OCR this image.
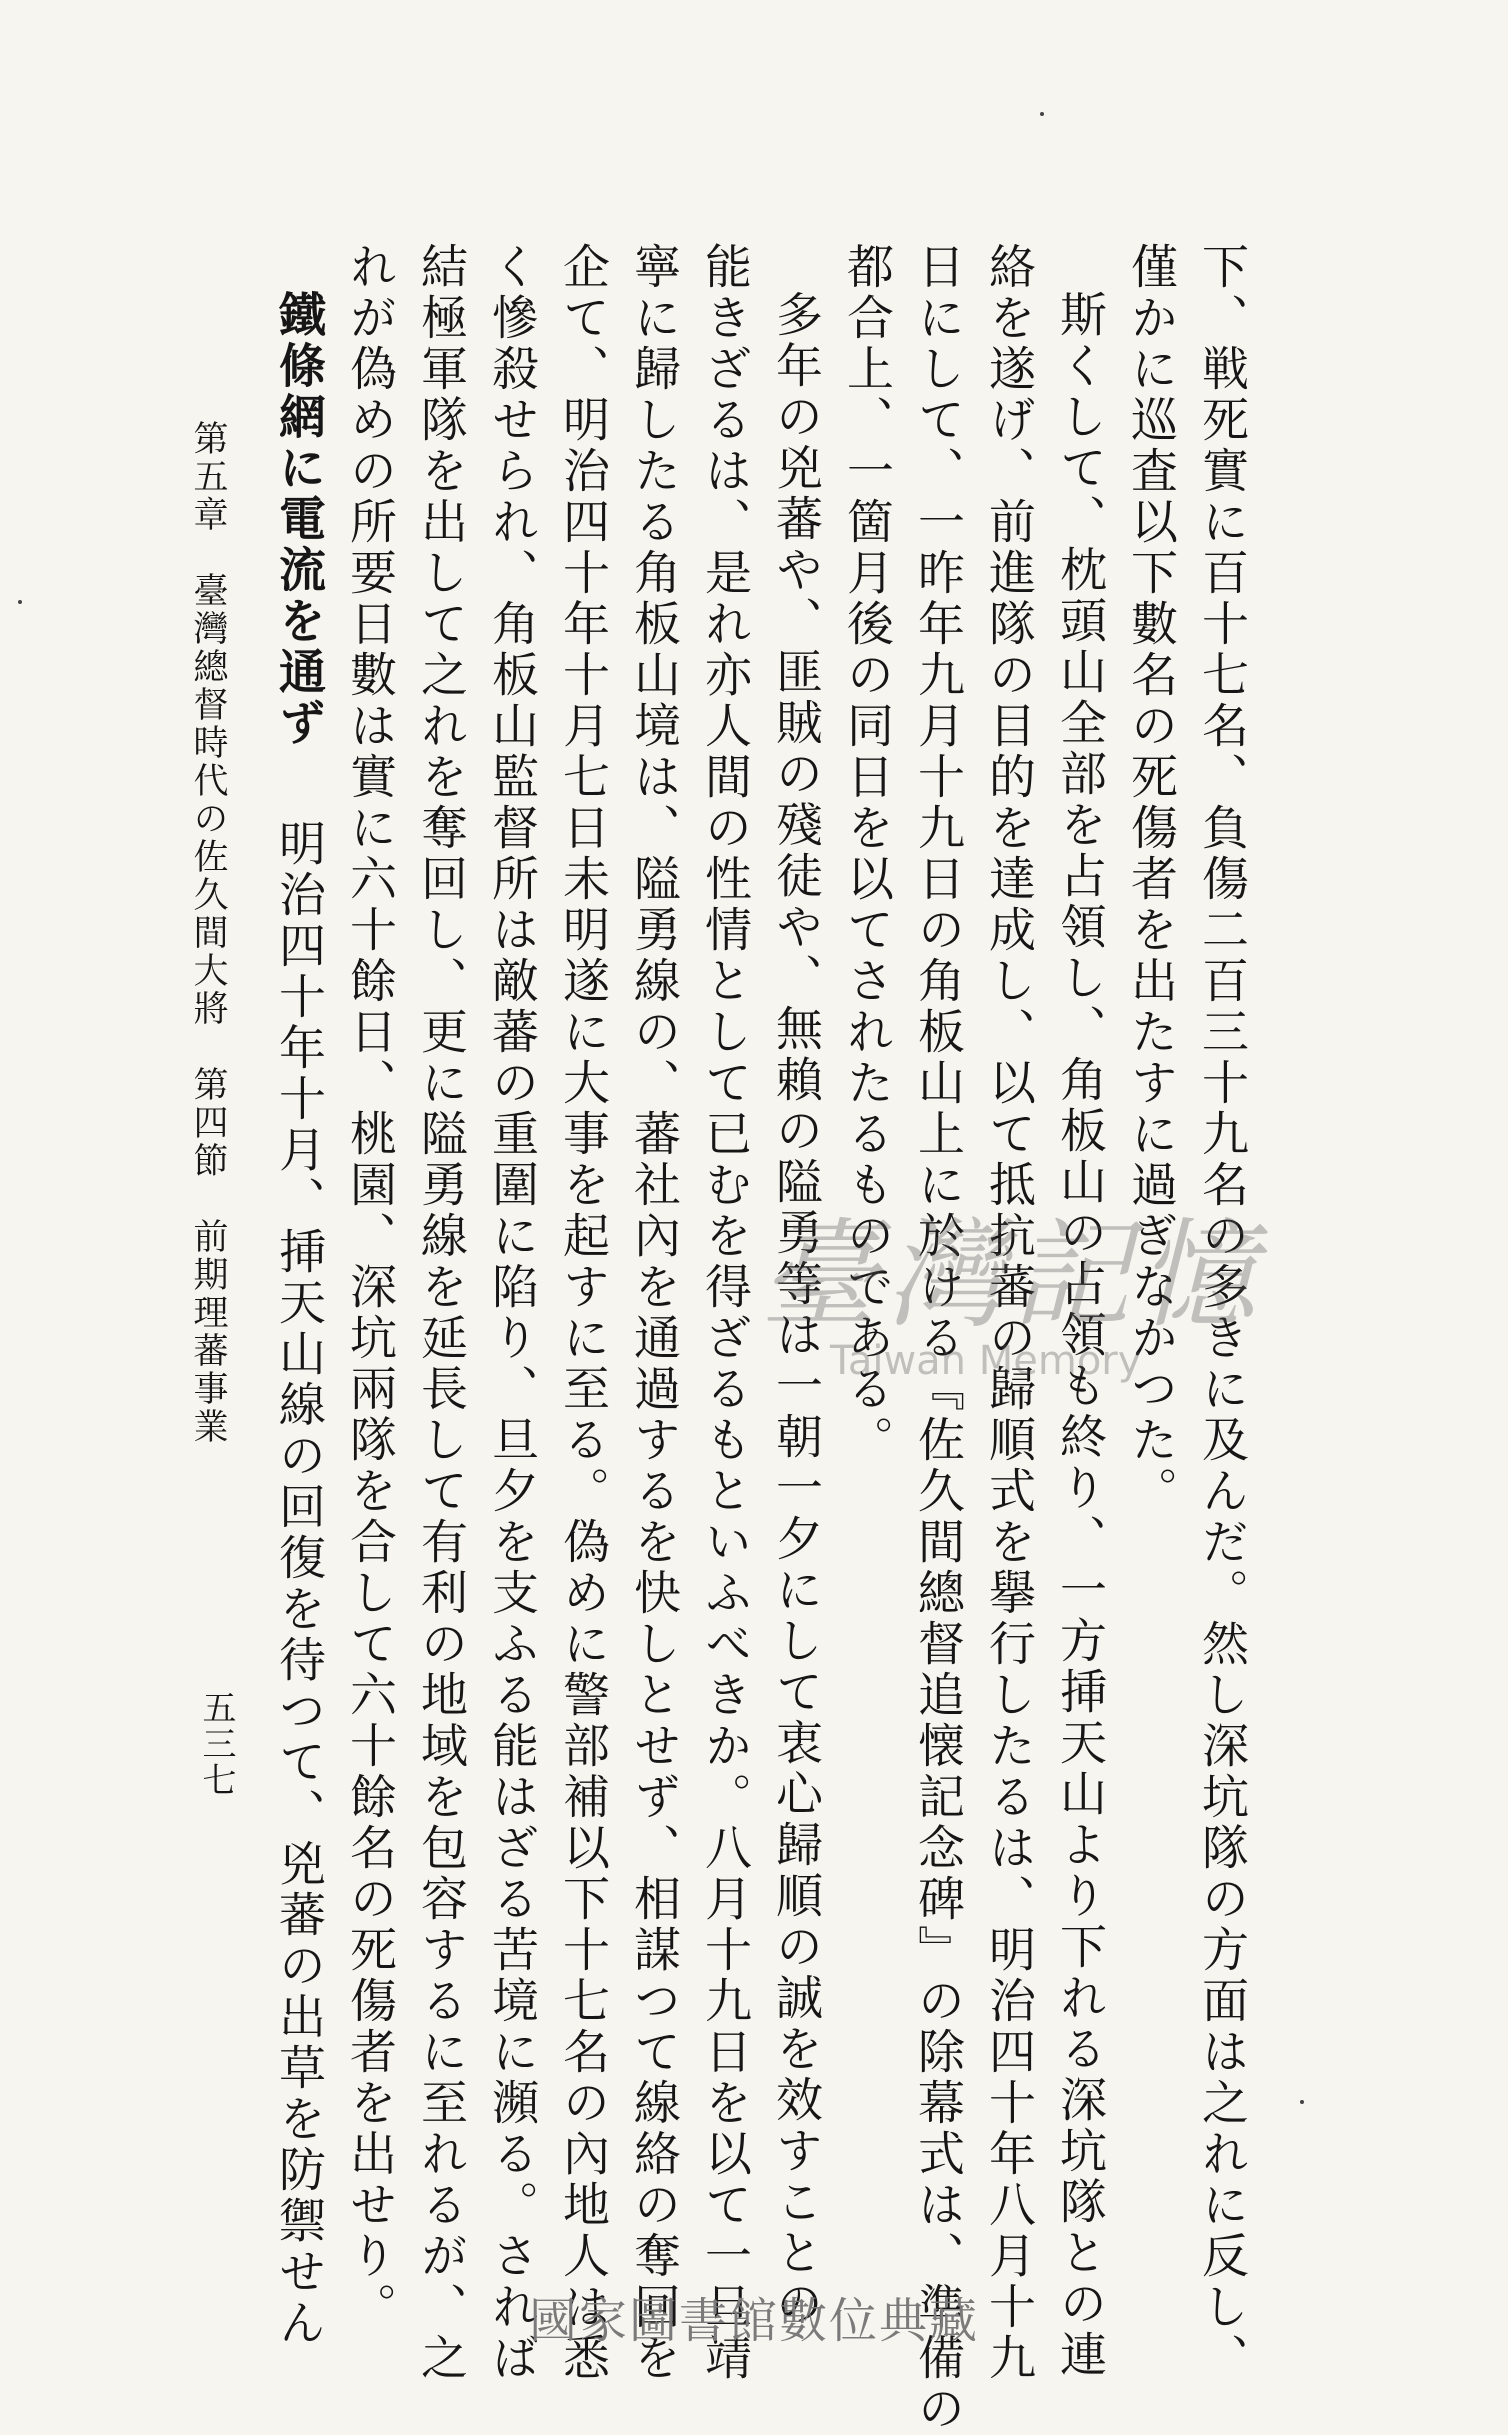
下、戦死實に百十七名、負傷二百三十九名の多きに及んだ。然し深坑隊の方面は之れに反し、
僅かに巡査以下數名の死傷者を出たすに過ぎなかつた。
斯くして、枕頭山全部を占領し、角板山の占領も終り、一方挿天山より下れる深坑隊との連
絡を遂げ、前進隊の目的を達成し、以て抵抗蕃の歸順式を擧行したるは、明治四十年八月十九
日にして、一昨年九月十九日の角板山上に於ける『佐久間總督追懐記念碑』の除幕式は、準備の
都合上、一箇月後の同日を以てされたるものである。
多年の兇蕃や、匪賊の殘徒や、無賴の隘勇等は一朝一夕にして衷心歸順の誠を效すことの
能きざるは、是れ亦人間の性情として已むを得ざるもといふべきか。八月十九日を以て一旦靖
寧に歸したる角板山境は、隘勇線の、蕃社內を通過するを快しとせず、相謀つて線絡の奪回を
企て、明治四十年十月七日未明遂に大事を起すに至る。偽めに警部補以下十七名の內地人は悉
く慘殺せられ、角板山監督所は敵蕃の重圍に陷り、旦夕を支ふる能はざる苦境に瀕る。されば
結極軍隊を出して之れを奪回し、更に隘勇線を延長して有利の地域を包容するに至れるが、之
れが偽めの所要日數は實に六十餘日、桃園、深坑兩隊を合して六十餘名の死傷者を出せり。
鐵條網に電流を通ず明治四十年十月、挿天山線の回復を待つて、兇蕃の出草を防禦せん
第五章　臺灣總督時代の佐久間大將　第四節　前期理蕃事業
五三七
臺灣記憶
Taiwan Memory
國家圖書館數位典藏
